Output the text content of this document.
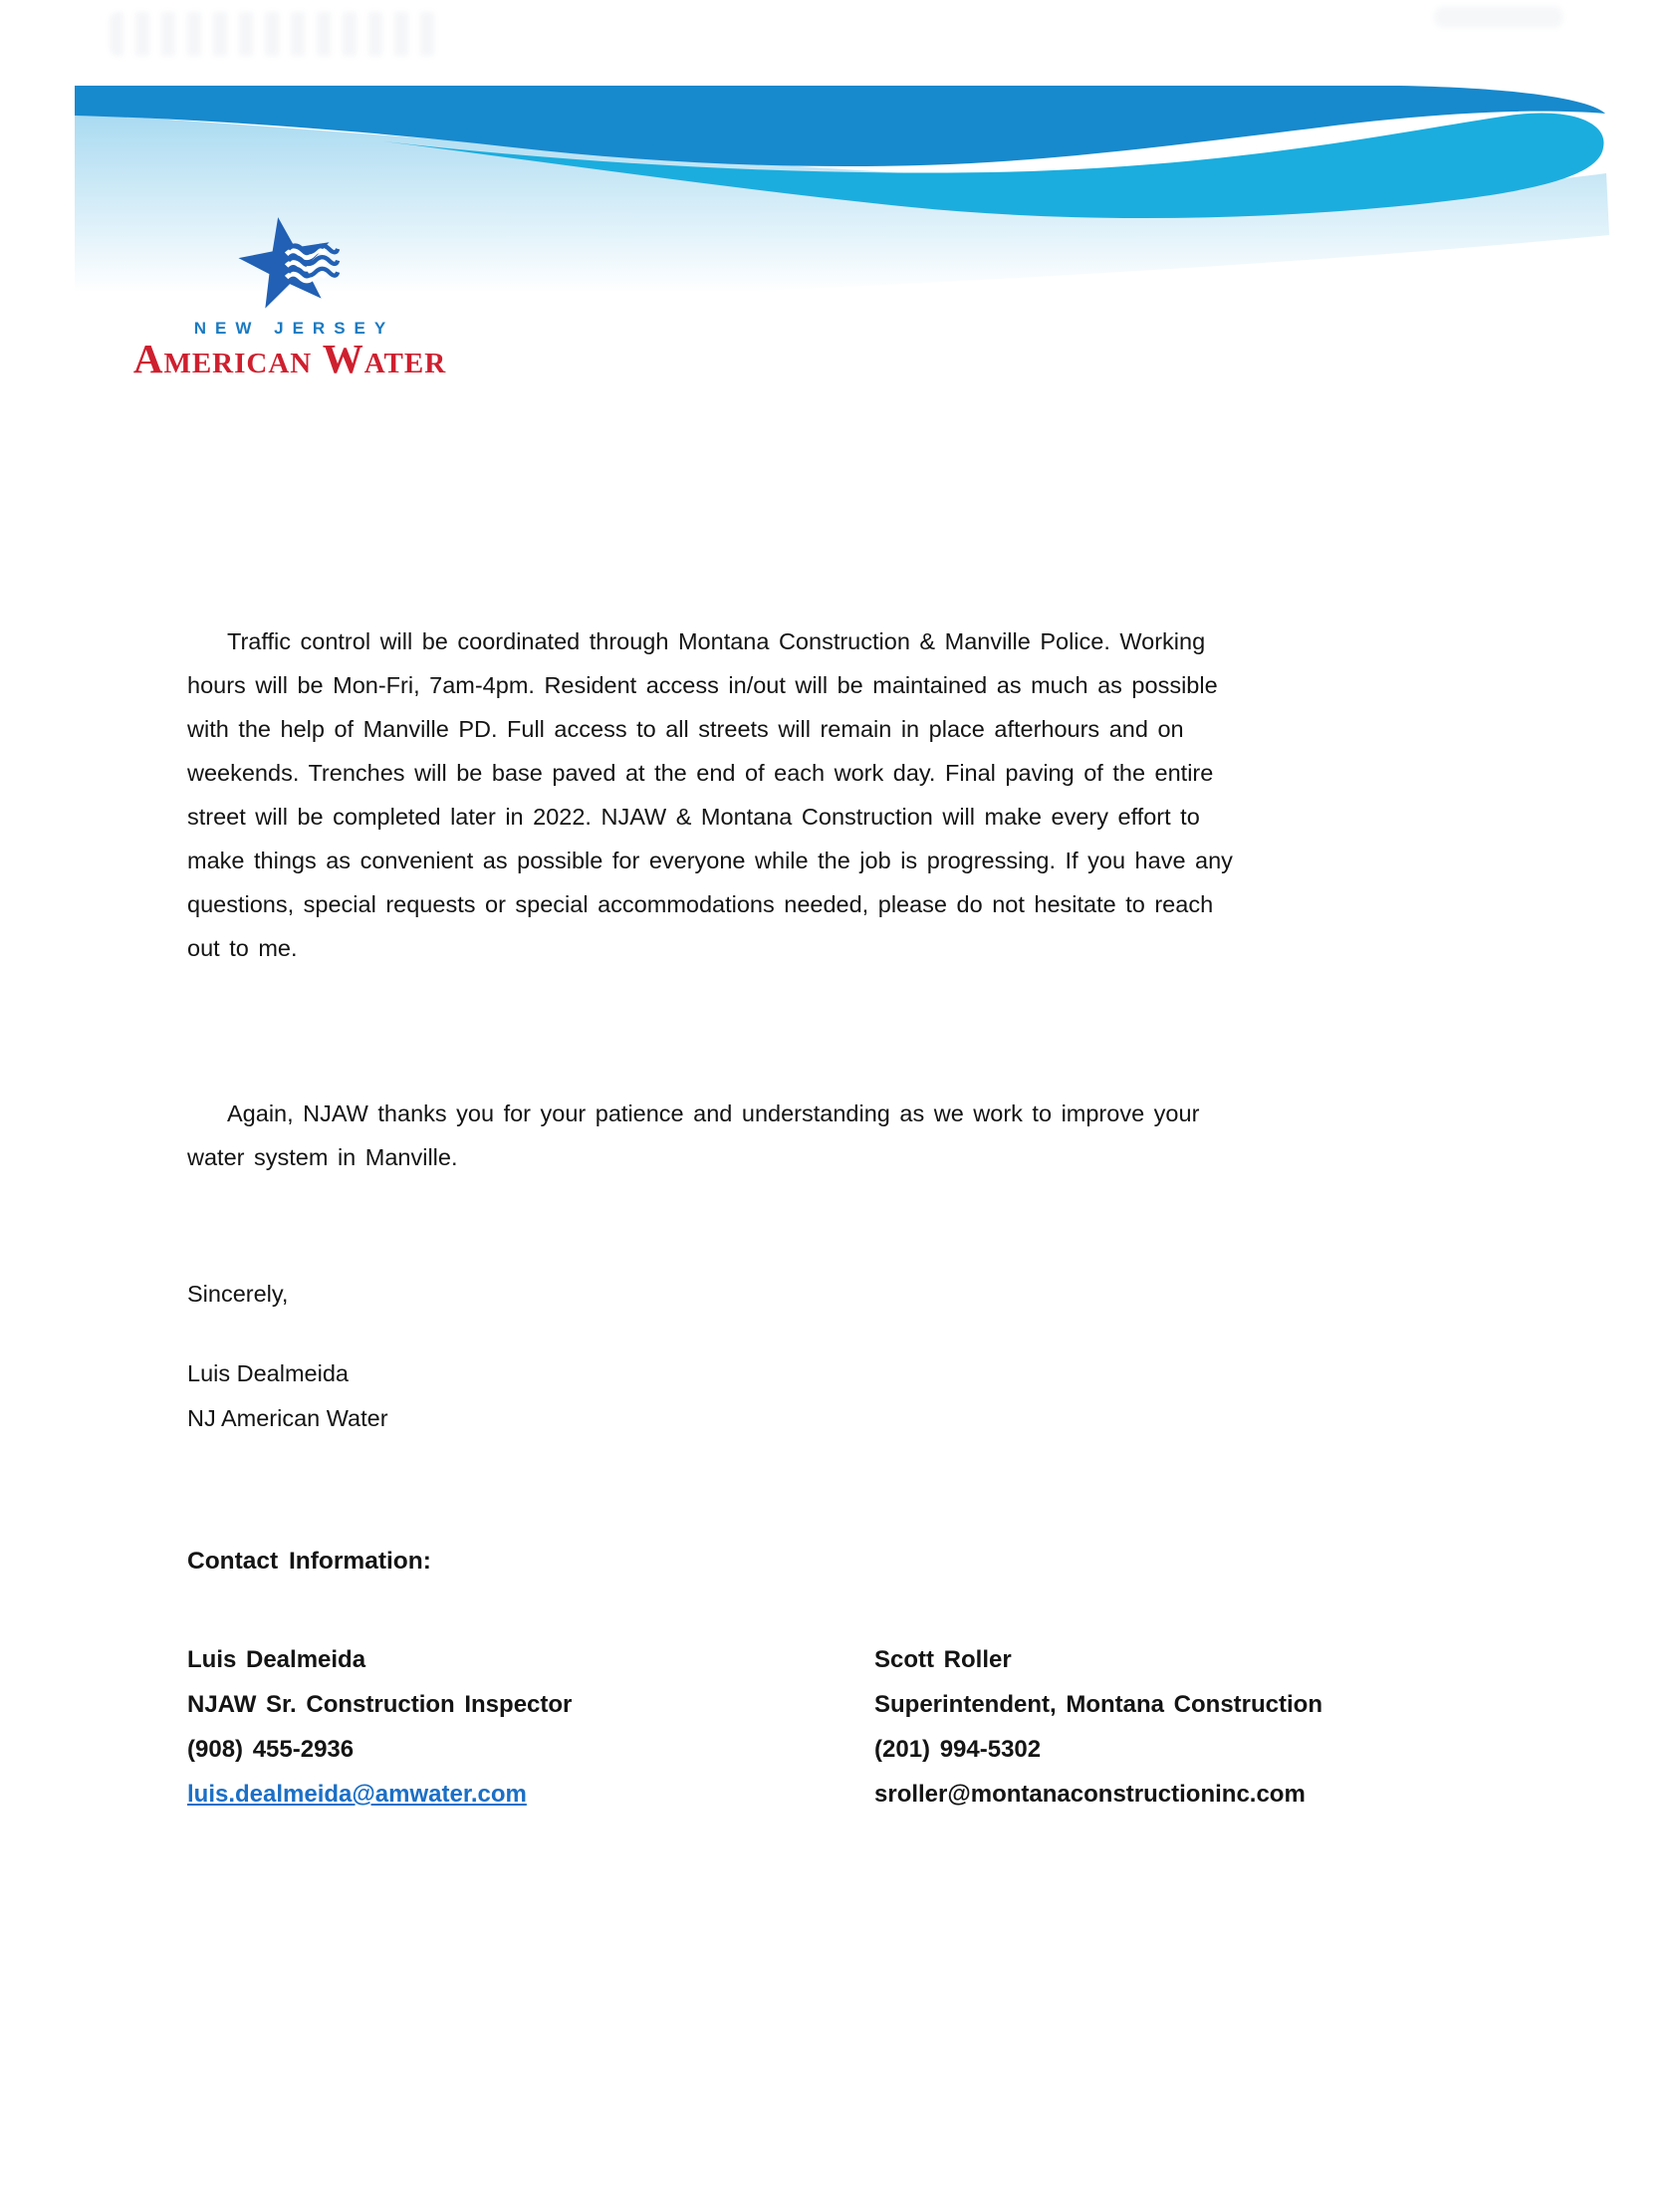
NEW JERSEY
American Water
Traffic control will be coordinated through Montana Construction & Manville Police. Working
hours will be Mon-Fri, 7am-4pm. Resident access in/out will be maintained as much as possible
with the help of Manville PD. Full access to all streets will remain in place afterhours and on
weekends. Trenches will be base paved at the end of each work day. Final paving of the entire
street will be completed later in 2022. NJAW & Montana Construction will make every effort to
make things as convenient as possible for everyone while the job is progressing. If you have any
questions, special requests or special accommodations needed, please do not hesitate to reach
out to me.
Again, NJAW thanks you for your patience and understanding as we work to improve your
water system in Manville.
Sincerely,
Luis Dealmeida
NJ American Water
Contact Information:
Luis Dealmeida
NJAW Sr. Construction Inspector
(908) 455-2936
luis.dealmeida@amwater.com
Scott Roller
Superintendent, Montana Construction
(201) 994-5302
sroller@montanaconstructioninc.com
